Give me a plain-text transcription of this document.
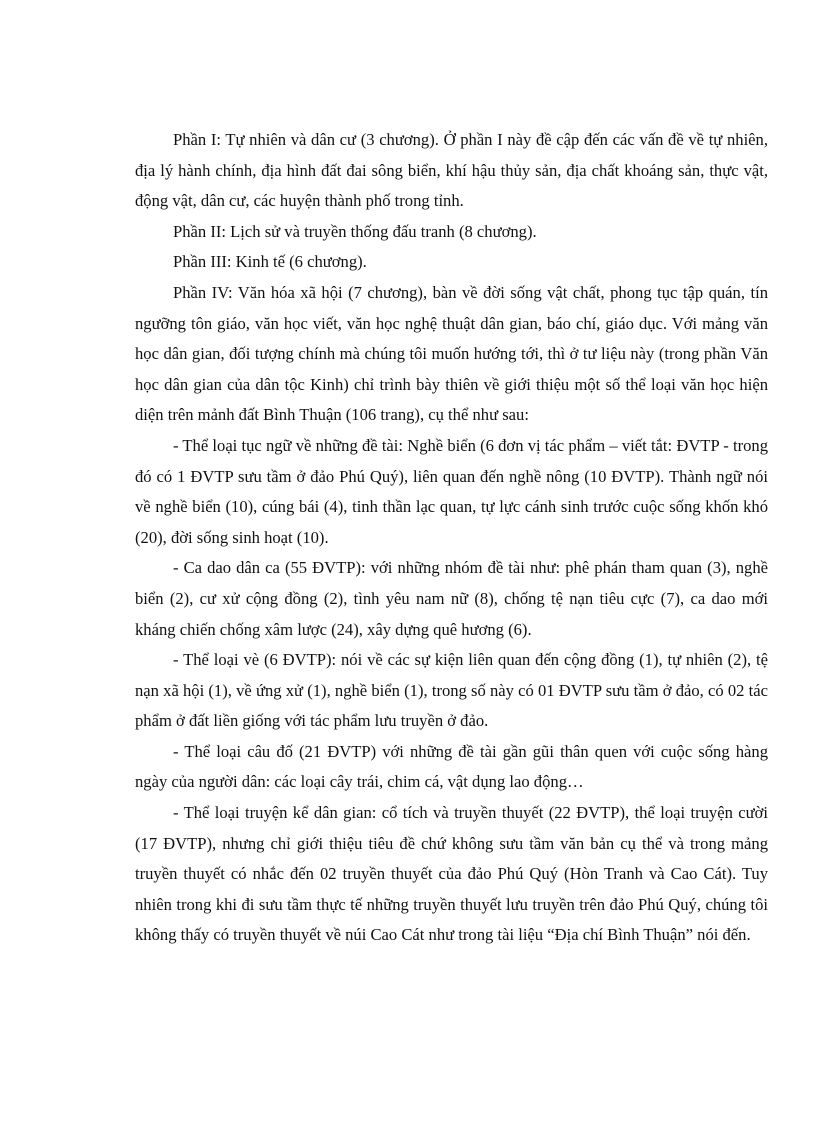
Phần I: Tự nhiên và dân cư (3 chương). Ở phần I này đề cập đến các vấn đề về tự nhiên, địa lý hành chính, địa hình đất đai sông biển, khí hậu thủy sản, địa chất khoáng sản, thực vật, động vật, dân cư, các huyện thành phố trong tỉnh.

Phần II: Lịch sử và truyền thống đấu tranh (8 chương).

Phần III: Kinh tế (6 chương).

Phần IV: Văn hóa xã hội (7 chương), bàn về đời sống vật chất, phong tục tập quán, tín ngưỡng tôn giáo, văn học viết, văn học nghệ thuật dân gian, báo chí, giáo dục. Với mảng văn học dân gian, đối tượng chính mà chúng tôi muốn hướng tới, thì ở tư liệu này (trong phần Văn học dân gian của dân tộc Kinh) chỉ trình bày thiên về giới thiệu một số thể loại văn học hiện diện trên mảnh đất Bình Thuận (106 trang), cụ thể như sau:

- Thể loại tục ngữ về những đề tài: Nghề biển (6 đơn vị tác phẩm – viết tắt: ĐVTP - trong đó có 1 ĐVTP sưu tầm ở đảo Phú Quý), liên quan đến nghề nông (10 ĐVTP). Thành ngữ nói về nghề biển (10), cúng bái (4), tinh thần lạc quan, tự lực cánh sinh trước cuộc sống khốn khó (20), đời sống sinh hoạt (10).

- Ca dao dân ca (55 ĐVTP): với những nhóm đề tài như: phê phán tham quan (3), nghề biển (2), cư xử cộng đồng (2), tình yêu nam nữ (8), chống tệ nạn tiêu cực (7), ca dao mới kháng chiến chống xâm lược (24), xây dựng quê hương (6).

- Thể loại vè (6 ĐVTP): nói về các sự kiện liên quan đến cộng đồng (1), tự nhiên (2), tệ nạn xã hội (1), về ứng xử (1), nghề biển (1), trong số này có 01 ĐVTP sưu tầm ở đảo, có 02 tác phẩm ở đất liền giống với tác phẩm lưu truyền ở đảo.

- Thể loại câu đố (21 ĐVTP) với những đề tài gần gũi thân quen với cuộc sống hàng ngày của người dân: các loại cây trái, chim cá, vật dụng lao động…

- Thể loại truyện kể dân gian: cổ tích và truyền thuyết (22 ĐVTP), thể loại truyện cười (17 ĐVTP), nhưng chỉ giới thiệu tiêu đề chứ không sưu tầm văn bản cụ thể và trong mảng truyền thuyết có nhắc đến 02 truyền thuyết của đảo Phú Quý (Hòn Tranh và Cao Cát). Tuy nhiên trong khi đi sưu tầm thực tế những truyền thuyết lưu truyền trên đảo Phú Quý, chúng tôi không thấy có truyền thuyết về núi Cao Cát như trong tài liệu “Địa chí Bình Thuận” nói đến.
